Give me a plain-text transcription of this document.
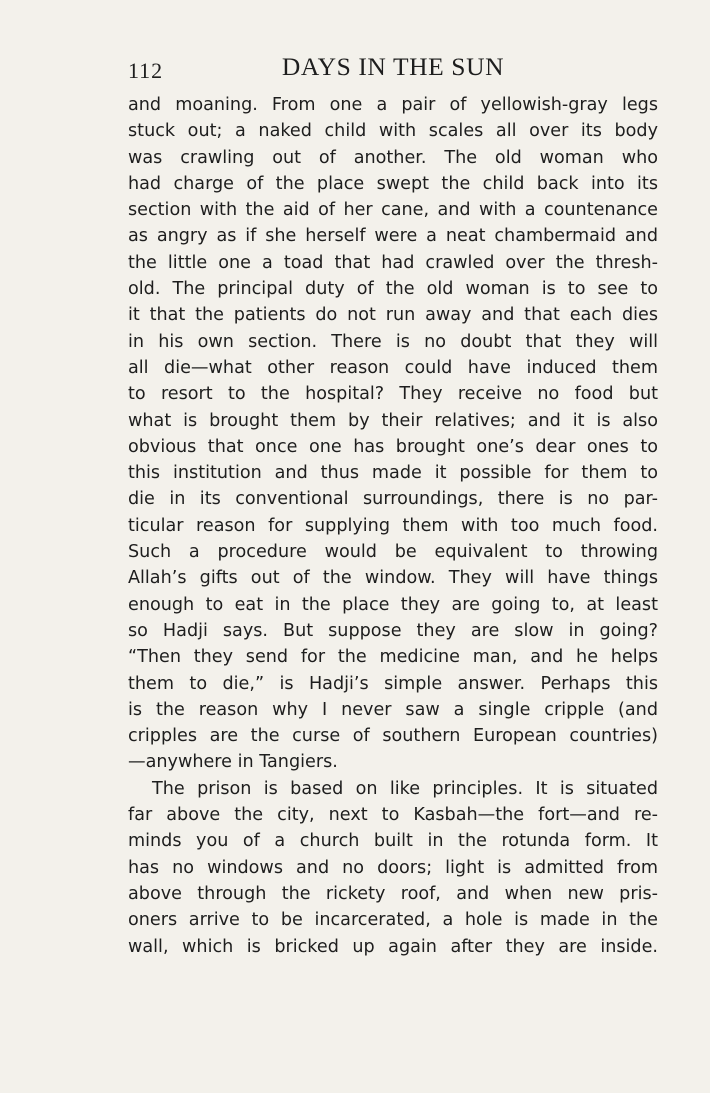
112	DAYS IN THE SUN
and moaning. From one a pair of yellowish-gray legs
stuck out; a naked child with scales all over its body
was crawling out of another. The old woman who
had charge of the place swept the child back into its
section with the aid of her cane, and with a countenance
as angry as if she herself were a neat chambermaid and
the little one a toad that had crawled over the thresh-
old. The principal duty of the old woman is to see to
it that the patients do not run away and that each dies
in his own section. There is no doubt that they will
all die—what other reason could have induced them
to resort to the hospital? They receive no food but
what is brought them by their relatives; and it is also
obvious that once one has brought one’s dear ones to
this institution and thus made it possible for them to
die in its conventional surroundings, there is no par-
ticular reason for supplying them with too much food.
Such a procedure would be equivalent to throwing
Allah’s gifts out of the window. They will have things
enough to eat in the place they are going to, at least
so Hadji says. But suppose they are slow in going?
“Then they send for the medicine man, and he helps
them to die,” is Hadji’s simple answer. Perhaps this
is the reason why I never saw a single cripple (and
cripples are the curse of southern European countries)
—anywhere in Tangiers.
The prison is based on like principles. It is situated
far above the city, next to Kasbah—the fort—and re-
minds you of a church built in the rotunda form. It
has no windows and no doors; light is admitted from
above through the rickety roof, and when new pris-
oners arrive to be incarcerated, a hole is made in the
wall, which is bricked up again after they are inside.
